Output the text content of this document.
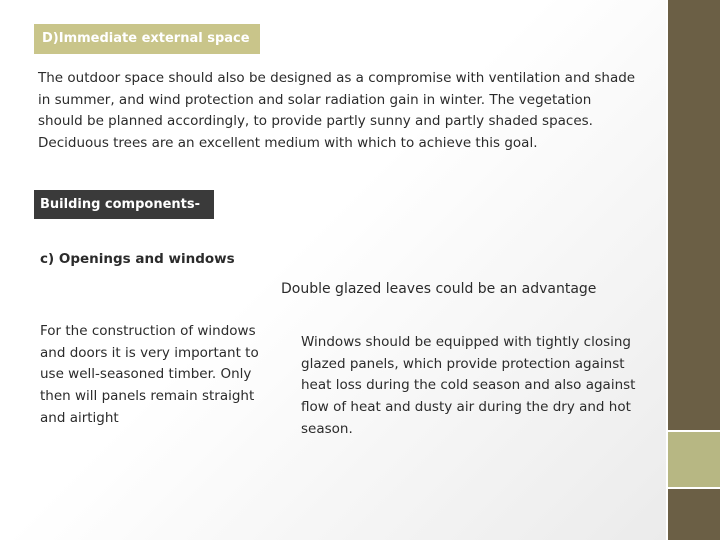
D)Immediate external space
The outdoor space should also be designed as a compromise with ventilation and shade in summer, and wind protection and solar radiation gain in winter. The vegetation should be planned accordingly, to provide partly sunny and partly shaded spaces. Deciduous trees are an excellent medium with which to achieve this goal.
Building components-
c) Openings and windows
Double glazed leaves could be an advantage
For the construction of windows and doors it is very important to use well-seasoned timber. Only then will panels remain straight and airtight
Windows should be equipped with tightly closing glazed panels, which provide protection against heat loss during the cold season and also against flow of heat and dusty air during the dry and hot season.
